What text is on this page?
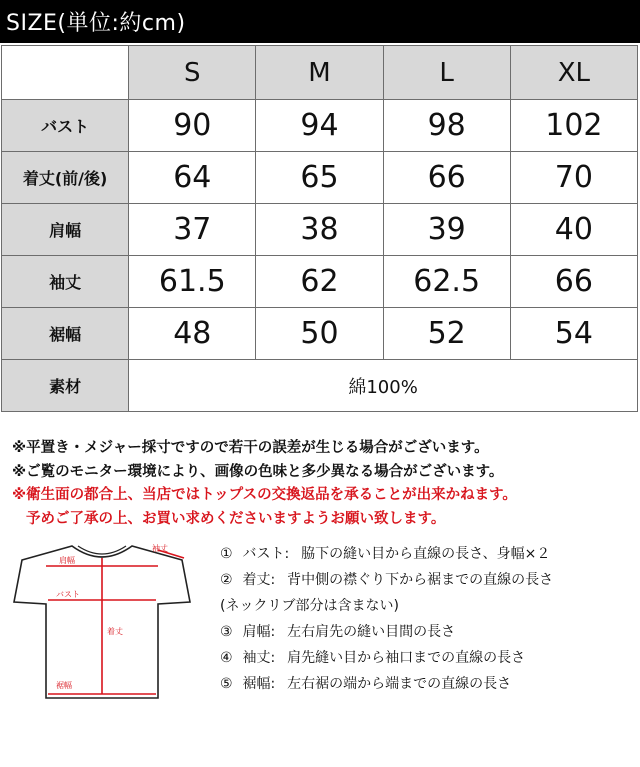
SIZE(単位:約cm)
	S	M	L	XL
バスト	90	94	98	102
着丈(前/後)	64	65	66	70
肩幅	37	38	39	40
袖丈	61.5	62	62.5	66
裾幅	48	50	52	54
素材	綿100%			
※平置き・メジャー採寸ですので若干の誤差が生じる場合がございます。
※ご覧のモニター環境により、画像の色味と多少異なる場合がございます。
※衛生面の都合上、当店ではトップスの交換返品を承ることが出来かねます。
予めご了承の上、お買い求めくださいますようお願い致します。
袖丈
肩幅
バスト
着丈
裾幅
① バスト: 脇下の縫い目から直線の長さ、身幅×２
② 着丈: 背中側の襟ぐり下から裾までの直線の長さ
(ネックリブ部分は含まない)
③ 肩幅: 左右肩先の縫い目間の長さ
④ 袖丈: 肩先縫い目から袖口までの直線の長さ
⑤ 裾幅: 左右裾の端から端までの直線の長さ
